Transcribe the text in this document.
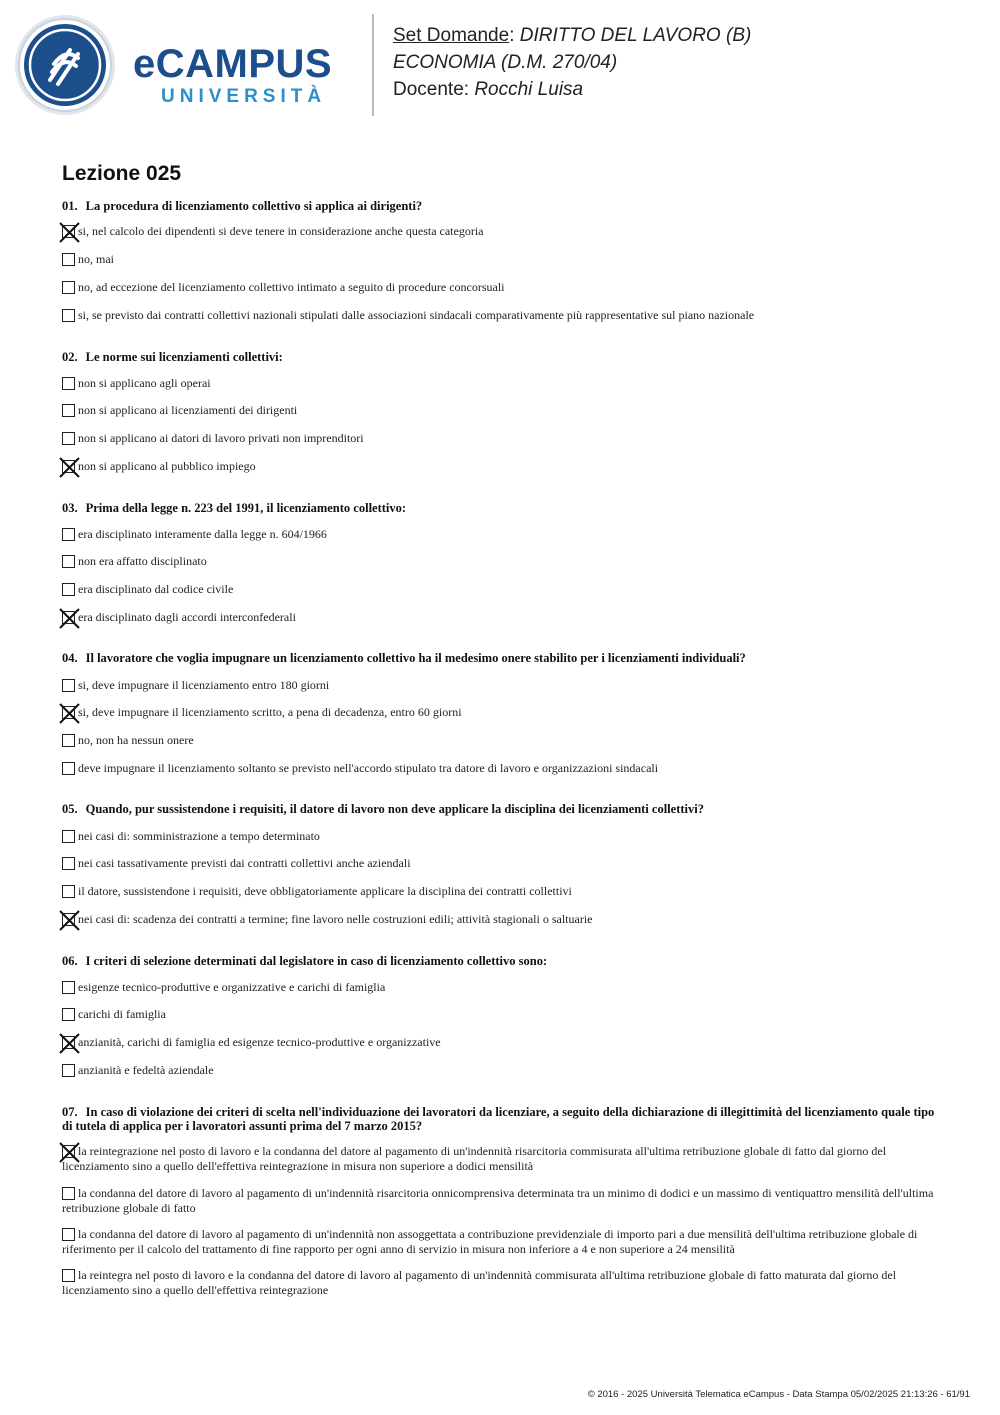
eCAMPUS
UNIVERSITÀ
Set Domande: DIRITTO DEL LAVORO (B)
ECONOMIA (D.M. 270/04)
Docente: Rocchi Luisa
Lezione 025
01. La procedura di licenziamento collettivo si applica ai dirigenti?
si, nel calcolo dei dipendenti si deve tenere in considerazione anche questa categoria
no, mai
no, ad eccezione del licenziamento collettivo intimato a seguito di procedure concorsuali
si, se previsto dai contratti collettivi nazionali stipulati dalle associazioni sindacali comparativamente più rappresentative sul piano nazionale
02. Le norme sui licenziamenti collettivi:
non si applicano agli operai
non si applicano ai licenziamenti dei dirigenti
non si applicano ai datori di lavoro privati non imprenditori
non si applicano al pubblico impiego
03. Prima della legge n. 223 del 1991, il licenziamento collettivo:
era disciplinato interamente dalla legge n. 604/1966
non era affatto disciplinato
era disciplinato dal codice civile
era disciplinato dagli accordi interconfederali
04. Il lavoratore che voglia impugnare un licenziamento collettivo ha il medesimo onere stabilito per i licenziamenti individuali?
si, deve impugnare il licenziamento entro 180 giorni
si, deve impugnare il licenziamento scritto, a pena di decadenza, entro 60 giorni
no, non ha nessun onere
deve impugnare il licenziamento soltanto se previsto nell'accordo stipulato tra datore di lavoro e organizzazioni sindacali
05. Quando, pur sussistendone i requisiti, il datore di lavoro non deve applicare la disciplina dei licenziamenti collettivi?
nei casi di: somministrazione a tempo determinato
nei casi tassativamente previsti dai contratti collettivi anche aziendali
il datore, sussistendone i requisiti, deve obbligatoriamente applicare la disciplina dei contratti collettivi
nei casi di: scadenza dei contratti a termine; fine lavoro nelle costruzioni edili; attività stagionali o saltuarie
06. I criteri di selezione determinati dal legislatore in caso di licenziamento collettivo sono:
esigenze tecnico-produttive e organizzative e carichi di famiglia
carichi di famiglia
anzianità, carichi di famiglia ed esigenze tecnico-produttive e organizzative
anzianità e fedeltà aziendale
07. In caso di violazione dei criteri di scelta nell'individuazione dei lavoratori da licenziare, a seguito della dichiarazione di illegittimità del licenziamento quale tipo di tutela di applica per i lavoratori assunti prima del 7 marzo 2015?
la reintegrazione nel posto di lavoro e la condanna del datore al pagamento di un'indennità risarcitoria commisurata all'ultima retribuzione globale di fatto dal giorno del licenziamento sino a quello dell'effettiva reintegrazione in misura non superiore a dodici mensilità
la condanna del datore di lavoro al pagamento di un'indennità risarcitoria onnicomprensiva determinata tra un minimo di dodici e un massimo di ventiquattro mensilità dell'ultima retribuzione globale di fatto
la condanna del datore di lavoro al pagamento di un'indennità non assoggettata a contribuzione previdenziale di importo pari a due mensilità dell'ultima retribuzione globale di riferimento per il calcolo del trattamento di fine rapporto per ogni anno di servizio in misura non inferiore a 4 e non superiore a 24 mensilità
la reintegra nel posto di lavoro e la condanna del datore di lavoro al pagamento di un'indennità commisurata all'ultima retribuzione globale di fatto maturata dal giorno del licenziamento sino a quello dell'effettiva reintegrazione
© 2016 - 2025 Università Telematica eCampus - Data Stampa 05/02/2025 21:13:26 - 61/91
